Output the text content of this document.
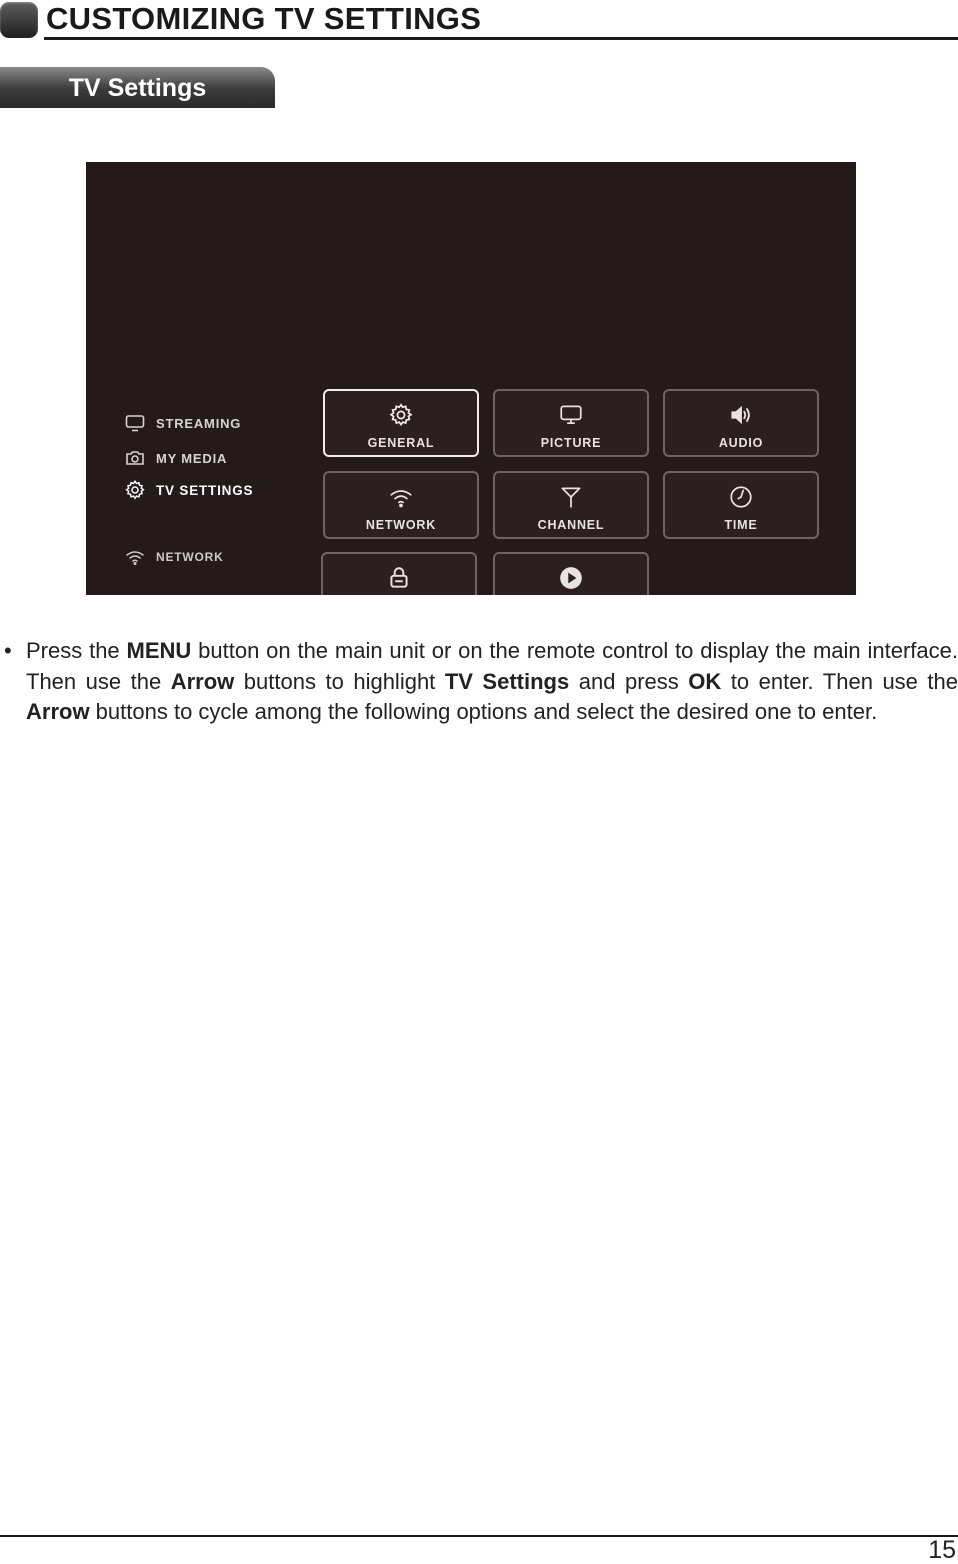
CUSTOMIZING TV SETTINGS
TV Settings
STREAMING
MY MEDIA
TV SETTINGS
NETWORK
GENERAL	PICTURE	AUDIO
NETWORK	CHANNEL	TIME
• Press the MENU button on the main unit or on the remote control to display the main interface. Then use the Arrow buttons to highlight TV Settings and press OK to enter. Then use the Arrow buttons to cycle among the following options and select the desired one to enter.
15
